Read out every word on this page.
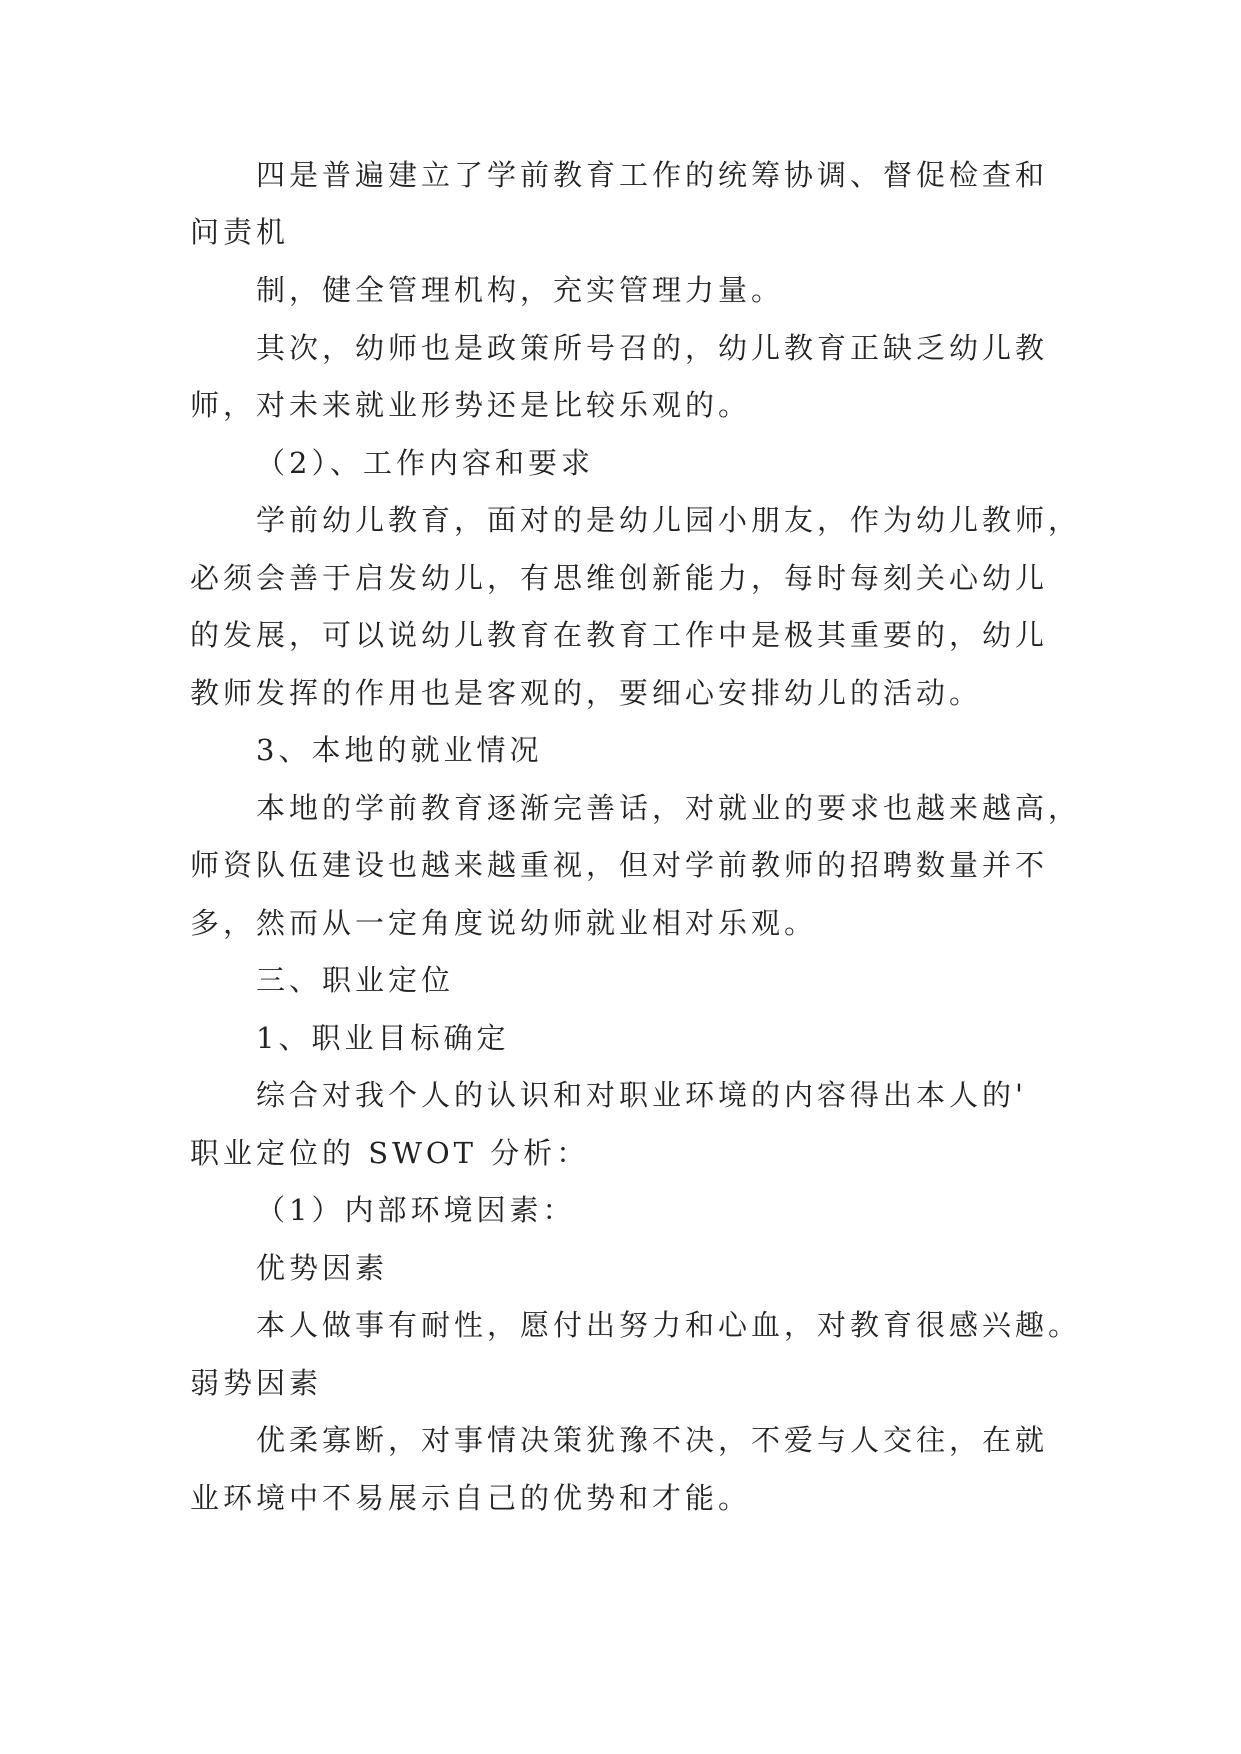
四是普遍建立了学前教育工作的统筹协调、督促检查和
问责机
制，健全管理机构，充实管理力量。
其次，幼师也是政策所号召的，幼儿教育正缺乏幼儿教
师，对未来就业形势还是比较乐观的。
（2）、工作内容和要求
学前幼儿教育，面对的是幼儿园小朋友，作为幼儿教师，
必须会善于启发幼儿，有思维创新能力，每时每刻关心幼儿
的发展，可以说幼儿教育在教育工作中是极其重要的，幼儿
教师发挥的作用也是客观的，要细心安排幼儿的活动。
3、本地的就业情况
本地的学前教育逐渐完善话，对就业的要求也越来越高，
师资队伍建设也越来越重视，但对学前教师的招聘数量并不
多，然而从一定角度说幼师就业相对乐观。
三、职业定位
1、职业目标确定
综合对我个人的认识和对职业环境的内容得出本人的'
职业定位的 SWOT 分析：
（1）内部环境因素：
优势因素
本人做事有耐性，愿付出努力和心血，对教育很感兴趣。
弱势因素
优柔寡断，对事情决策犹豫不决，不爱与人交往，在就
业环境中不易展示自己的优势和才能。
